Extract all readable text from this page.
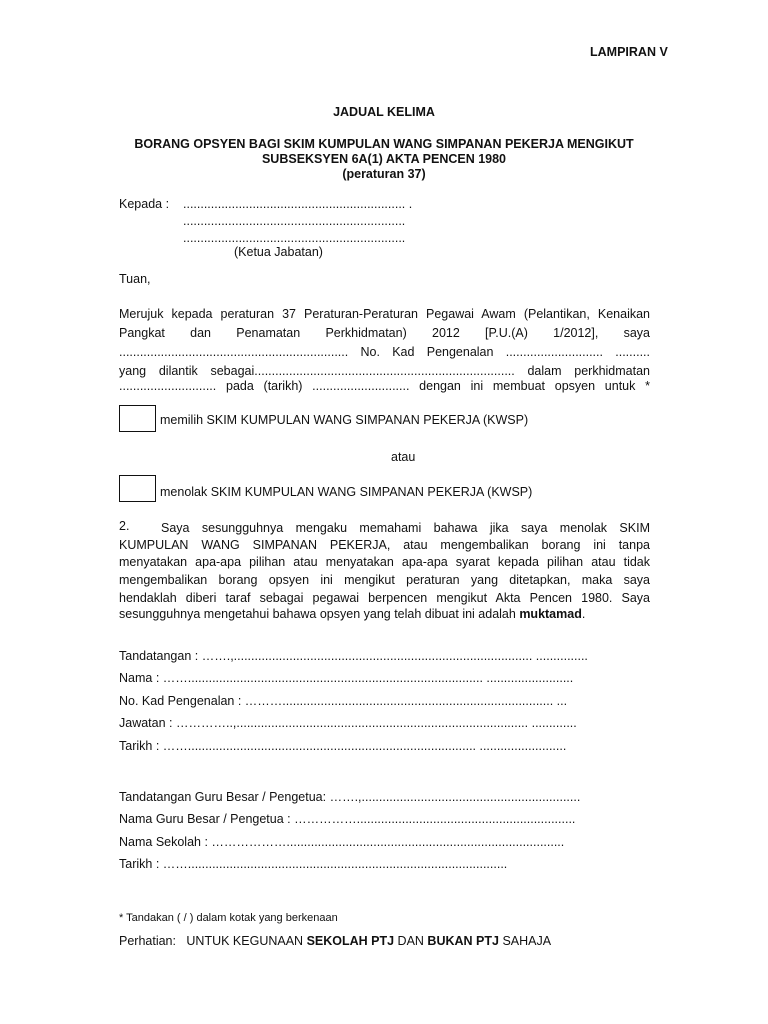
LAMPIRAN V
JADUAL KELIMA
BORANG OPSYEN BAGI SKIM KUMPULAN WANG SIMPANAN PEKERJA MENGIKUT
SUBSEKSYEN 6A(1) AKTA PENCEN 1980
(peraturan 37)
Kepada : ................................................................ .
................................................................
................................................................
(Ketua Jabatan)
Tuan,
Merujuk kepada peraturan 37 Peraturan-Peraturan Pegawai Awam (Pelantikan, Kenaikan
Pangkat dan Penamatan Perkhidmatan) 2012 [P.U.(A) 1/2012], saya
.................................................................. No. Kad Pengenalan ............................ ..........
yang dilantik sebagai........................................................................... dalam perkhidmatan
............................ pada (tarikh) ............................ dengan ini membuat opsyen untuk *
memilih SKIM KUMPULAN WANG SIMPANAN PEKERJA (KWSP)
atau
menolak SKIM KUMPULAN WANG SIMPANAN PEKERJA (KWSP)
2.	Saya sesungguhnya mengaku memahami bahawa jika saya menolak SKIM
KUMPULAN WANG SIMPANAN PEKERJA, atau mengembalikan borang ini tanpa
menyatakan apa-apa pilihan atau menyatakan apa-apa syarat kepada pilihan atau tidak
mengembalikan borang opsyen ini mengikut peraturan yang ditetapkan, maka saya
hendaklah diberi taraf sebagai pegawai berpencen mengikut Akta Pencen 1980. Saya
sesungguhnya mengetahui bahawa opsyen yang telah dibuat ini adalah muktamad.
Tandatangan : …….,...................................................................................... ...............
Nama : ……..................................................................................... .........................
No. Kad Pengenalan : ……….............................................................................. ...
Jawatan : …………..,.................................................................................... .............
Tarikh : ……................................................................................... .........................
Tandatangan Guru Besar / Pengetua: …….,...............................................................
Nama Guru Besar / Pengetua : ……………...............................................................
Nama Sekolah : ………………................................................................................
Tarikh : ……............................................................................................
* Tandakan ( / ) dalam kotak yang berkenaan
Perhatian: UNTUK KEGUNAAN SEKOLAH PTJ DAN BUKAN PTJ SAHAJA
